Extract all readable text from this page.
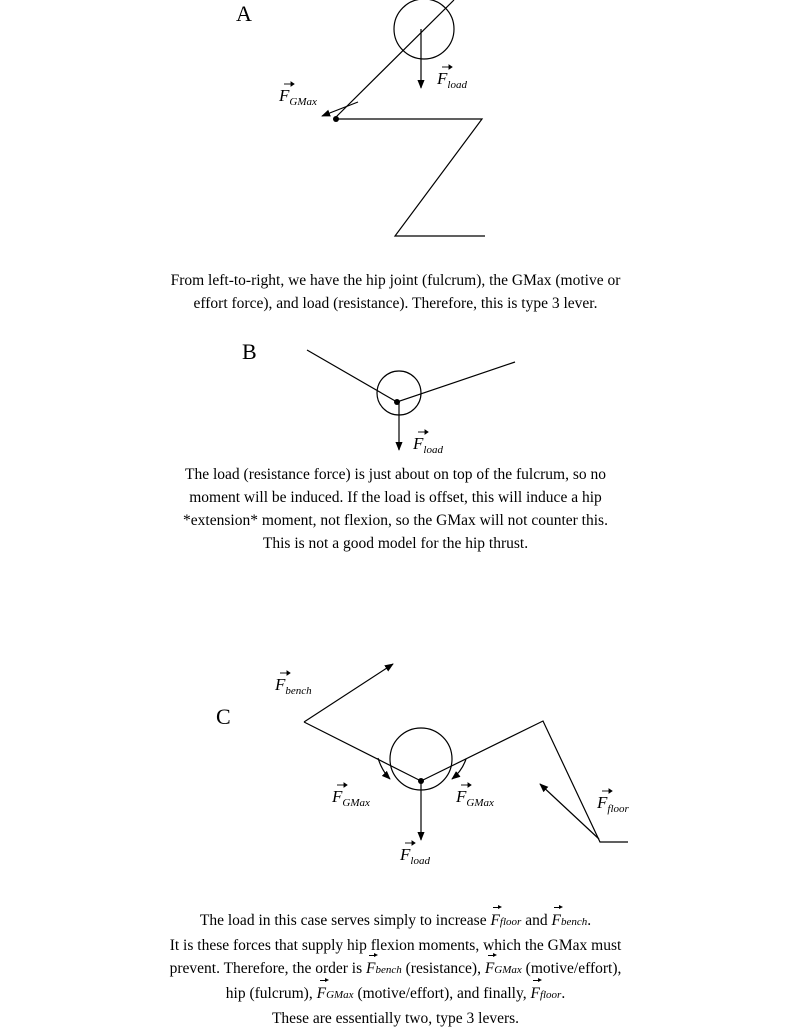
A
$F_{GMax}$
$F_{load}$
B
$F_{load}$
C
$F_{bench}$
$F_{GMax}$	$F_{GMax}$	$F_{floor}$
$F_{load}$
From left-to-right, we have the hip joint (fulcrum), the GMax (motive or
effort force), and load (resistance). Therefore, this is type 3 lever.
The load (resistance force) is just about on top of the fulcrum, so no
moment will be induced. If the load is offset, this will induce a hip
*extension* moment, not flexion, so the GMax will not counter this.
This is not a good model for the hip thrust.
The load in this case serves simply to increase Ffloor and Fbench.
It is these forces that supply hip flexion moments, which the GMax must
prevent. Therefore, the order is Fbench (resistance), FGMax (motive/effort),
hip (fulcrum), FGMax (motive/effort), and finally, Ffloor.
These are essentially two, type 3 levers.
